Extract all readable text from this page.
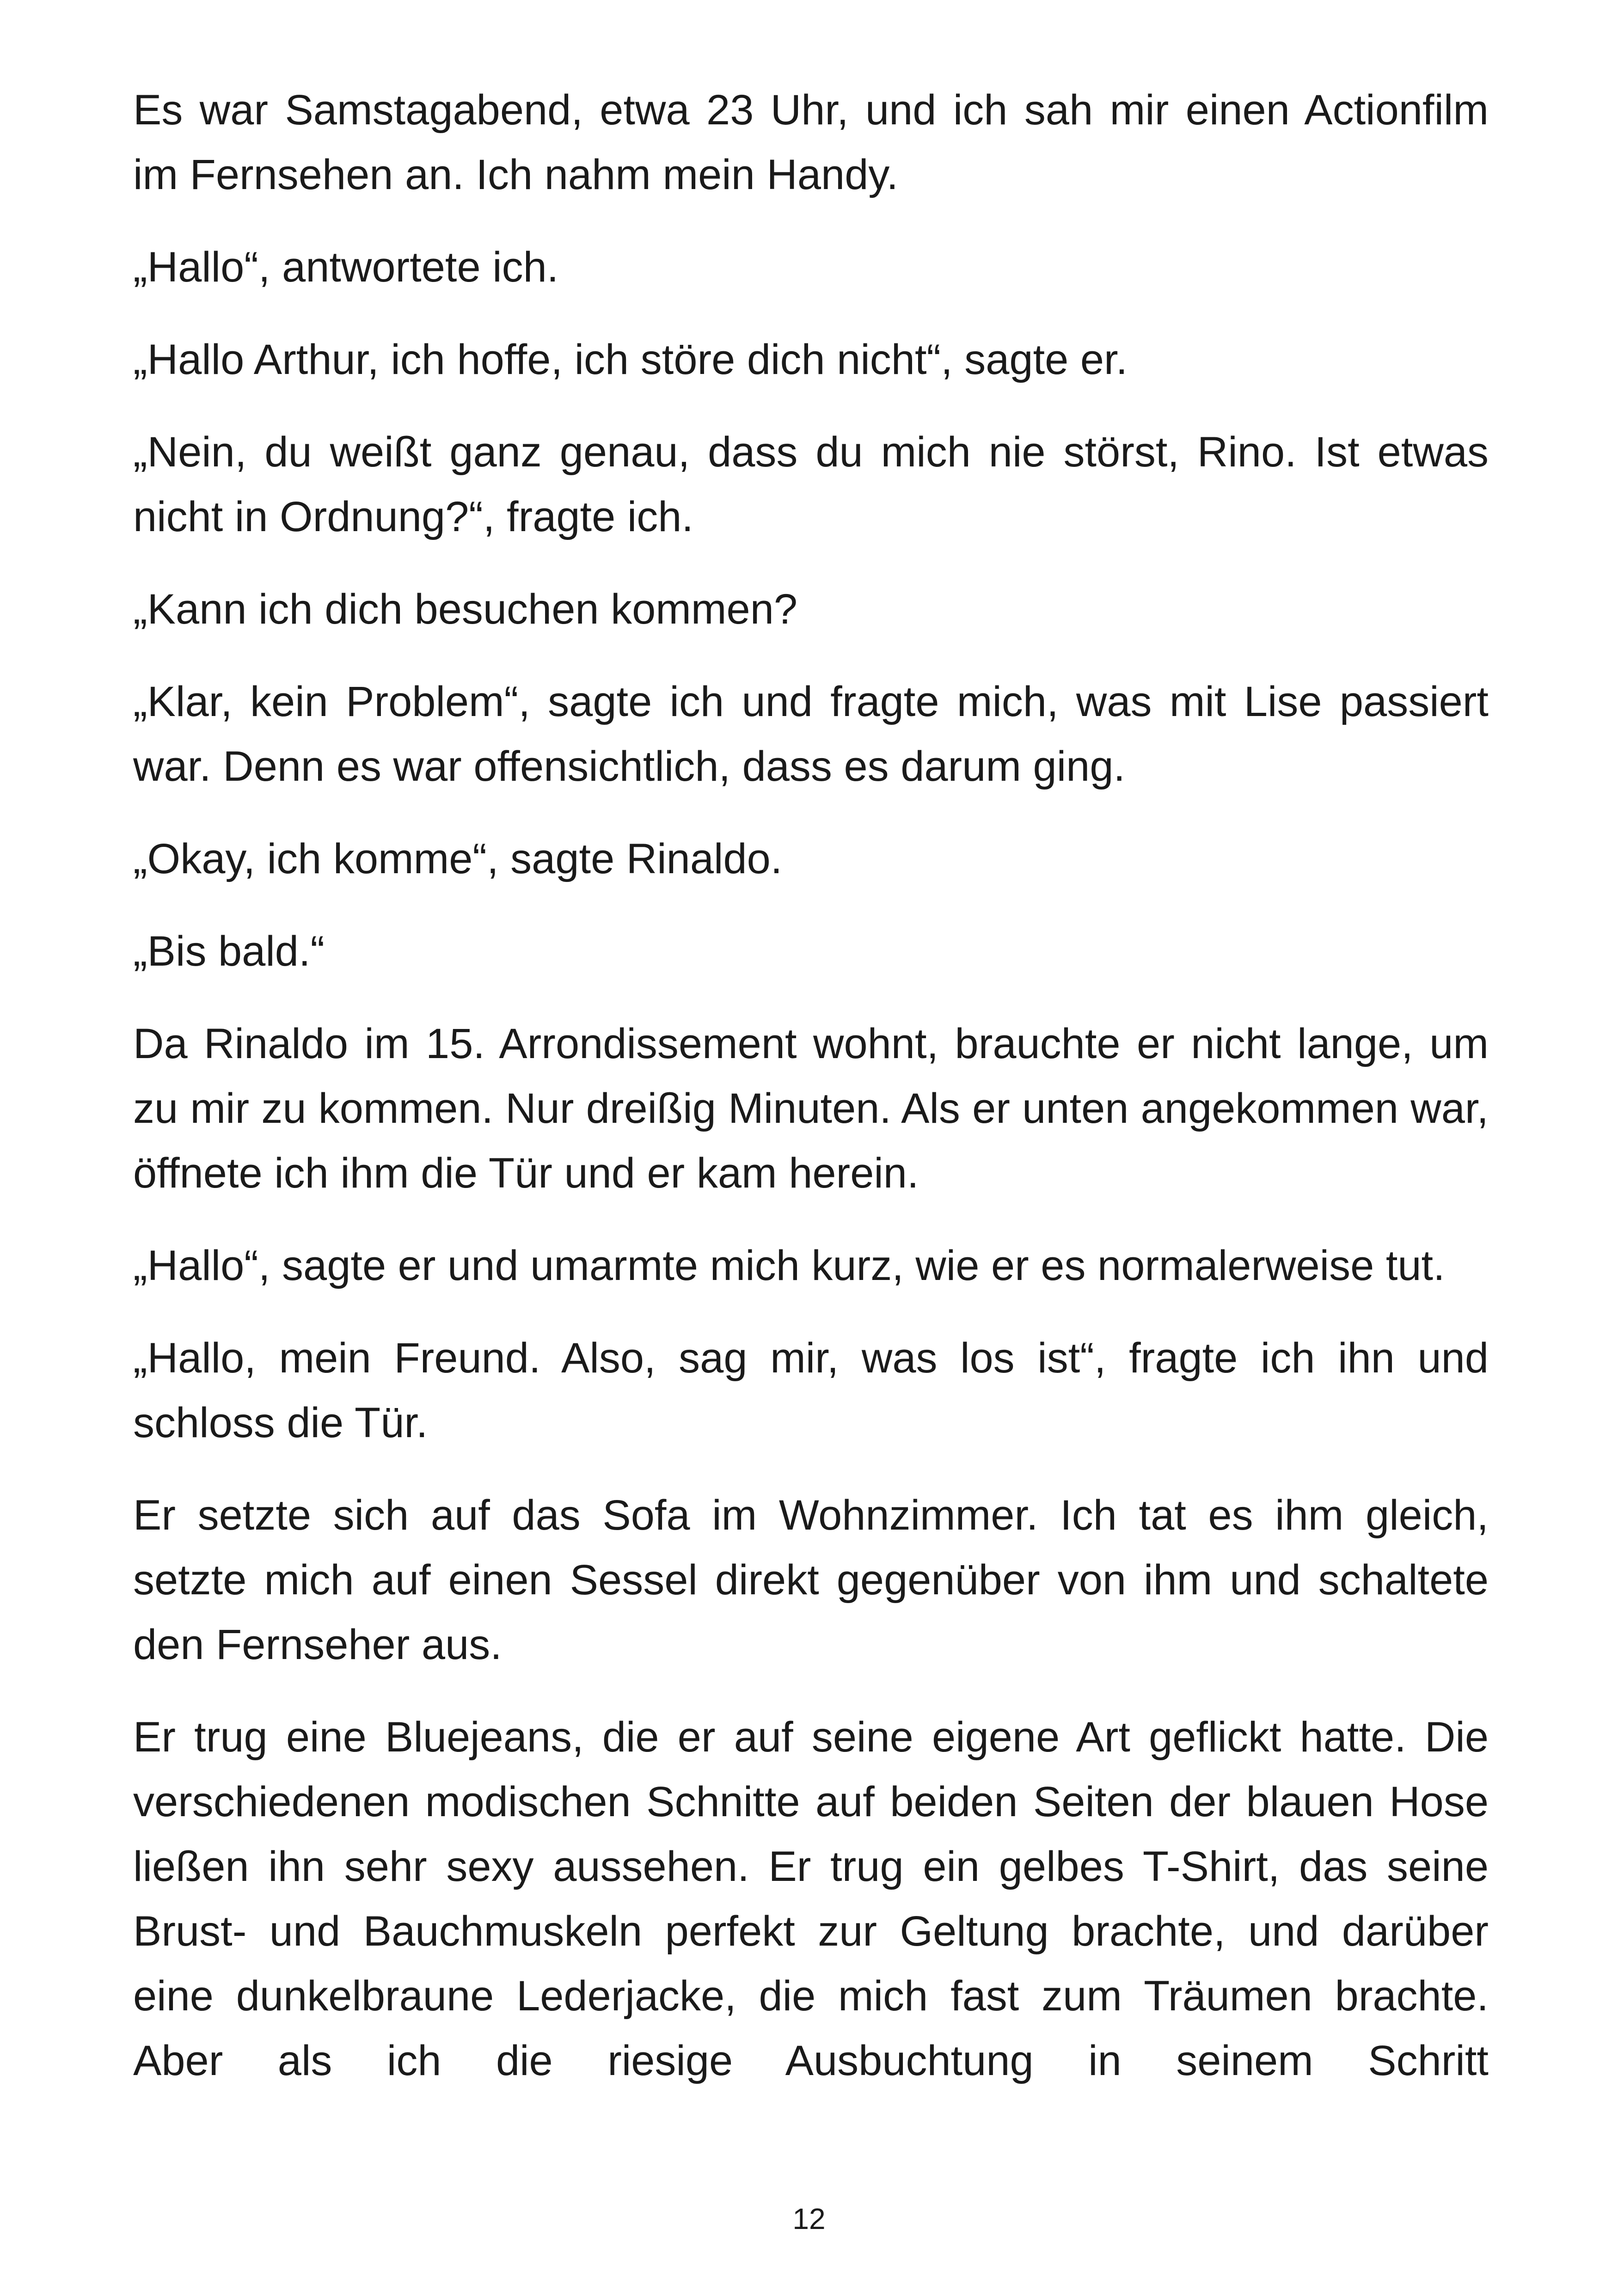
Es war Samstagabend, etwa 23 Uhr, und ich sah mir einen Actionfilm im Fernsehen an. Ich nahm mein Handy.

„Hallo“, antwortete ich.

„Hallo Arthur, ich hoffe, ich störe dich nicht“, sagte er.

„Nein, du weißt ganz genau, dass du mich nie störst, Rino. Ist etwas nicht in Ordnung?“, fragte ich.

„Kann ich dich besuchen kommen?

„Klar, kein Problem“, sagte ich und fragte mich, was mit Lise passiert war. Denn es war offensichtlich, dass es darum ging.

„Okay, ich komme“, sagte Rinaldo.

„Bis bald.“

Da Rinaldo im 15. Arrondissement wohnt, brauchte er nicht lange, um zu mir zu kommen. Nur dreißig Minuten. Als er unten angekommen war, öffnete ich ihm die Tür und er kam herein.

„Hallo“, sagte er und umarmte mich kurz, wie er es normalerweise tut.

„Hallo, mein Freund. Also, sag mir, was los ist“, fragte ich ihn und schloss die Tür.

Er setzte sich auf das Sofa im Wohnzimmer. Ich tat es ihm gleich, setzte mich auf einen Sessel direkt gegenüber von ihm und schaltete den Fernseher aus.

Er trug eine Bluejeans, die er auf seine eigene Art geflickt hatte. Die verschiedenen modischen Schnitte auf beiden Seiten der blauen Hose ließen ihn sehr sexy aussehen. Er trug ein gelbes T-Shirt, das seine Brust- und Bauchmuskeln perfekt zur Geltung brachte, und darüber eine dunkelbraune Lederjacke, die mich fast zum Träumen brachte. Aber als ich die riesige Ausbuchtung in seinem Schritt

12
